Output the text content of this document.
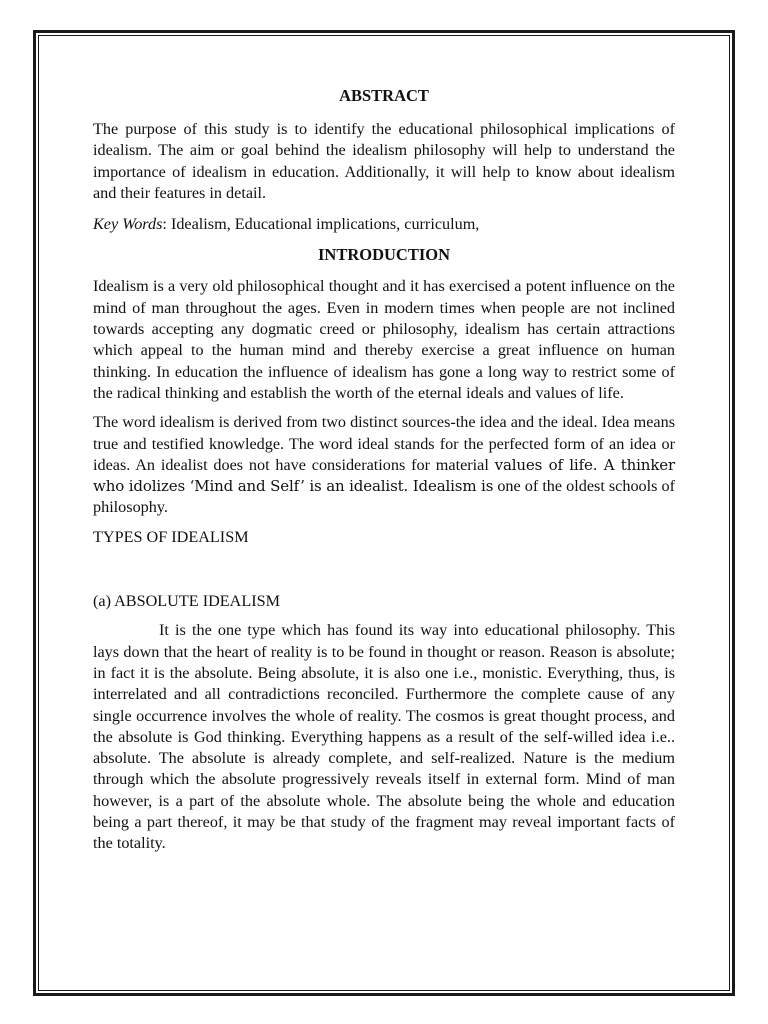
ABSTRACT

The purpose of this study is to identify the educational philosophical implications of idealism. The aim or goal behind the idealism philosophy will help to understand the importance of idealism in education. Additionally, it will help to know about idealism and their features in detail.

Key Words: Idealism, Educational implications, curriculum,

INTRODUCTION

Idealism is a very old philosophical thought and it has exercised a potent influence on the mind of man throughout the ages. Even in modern times when people are not inclined towards accepting any dogmatic creed or philosophy, idealism has certain attractions which appeal to the human mind and thereby exercise a great influence on human thinking. In education the influence of idealism has gone a long way to restrict some of the radical thinking and establish the worth of the eternal ideals and values of life.

The word idealism is derived from two distinct sources-the idea and the ideal. Idea means true and testified knowledge. The word ideal stands for the perfected form of an idea or ideas. An idealist does not have considerations for material values of life. A thinker who idolizes ‘Mind and Self’ is an idealist. Idealism is one of the oldest schools of philosophy.

TYPES OF IDEALISM

(a) ABSOLUTE IDEALISM

It is the one type which has found its way into educational philosophy. This lays down that the heart of reality is to be found in thought or reason. Reason is absolute; in fact it is the absolute. Being absolute, it is also one i.e., monistic. Everything, thus, is interrelated and all contradictions reconciled. Furthermore the complete cause of any single occurrence involves the whole of reality. The cosmos is great thought process, and the absolute is God thinking. Everything happens as a result of the self-willed idea i.e.. absolute. The absolute is already complete, and self-realized. Nature is the medium through which the absolute progressively reveals itself in external form. Mind of man however, is a part of the absolute whole. The absolute being the whole and education being a part thereof, it may be that study of the fragment may reveal important facts of the totality.
